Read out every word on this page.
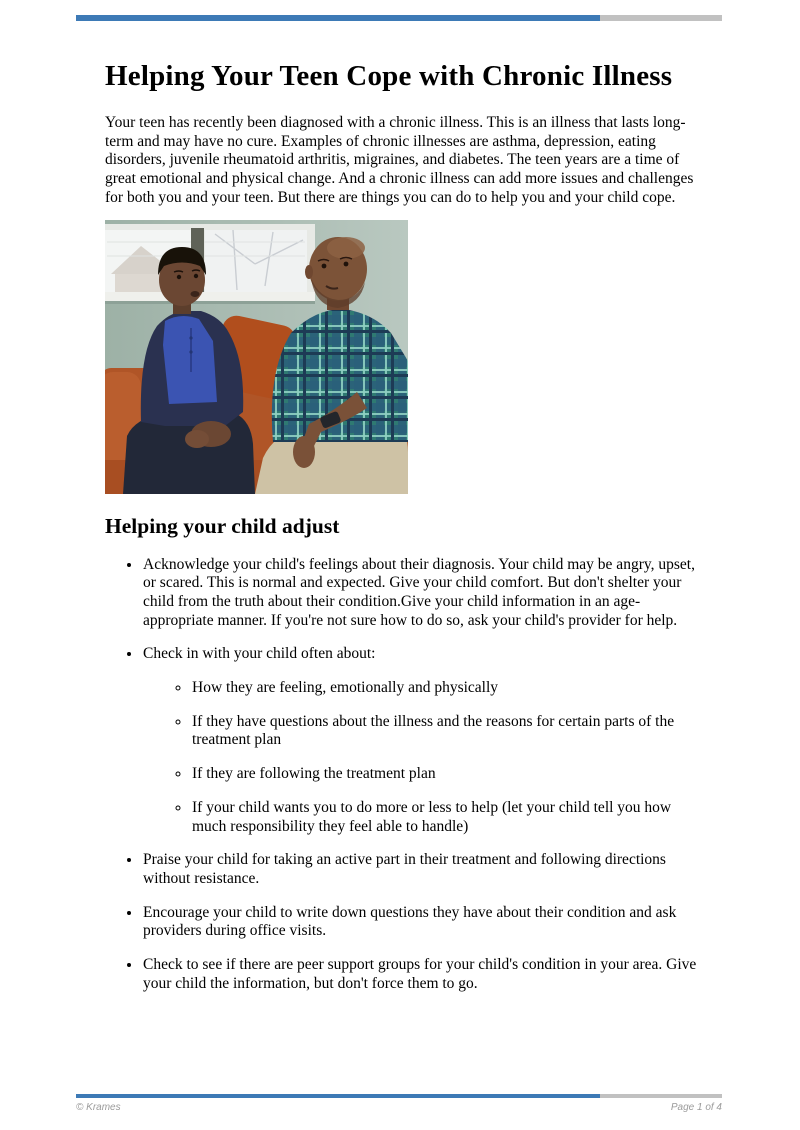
Helping Your Teen Cope with Chronic Illness

Your teen has recently been diagnosed with a chronic illness. This is an illness that lasts long-term and may have no cure. Examples of chronic illnesses are asthma, depression, eating disorders, juvenile rheumatoid arthritis, migraines, and diabetes. The teen years are a time of great emotional and physical change. And a chronic illness can add more issues and challenges for both you and your teen. But there are things you can do to help you and your child cope.

Helping your child adjust
• Acknowledge your child's feelings about their diagnosis. Your child may be angry, upset, or scared. This is normal and expected. Give your child comfort. But don't shelter your child from the truth about their condition.Give your child information in an age-appropriate manner. If you're not sure how to do so, ask your child's provider for help.
• Check in with your child often about:
◦ How they are feeling, emotionally and physically
◦ If they have questions about the illness and the reasons for certain parts of the treatment plan
◦ If they are following the treatment plan
◦ If your child wants you to do more or less to help (let your child tell you how much responsibility they feel able to handle)
• Praise your child for taking an active part in their treatment and following directions without resistance.
• Encourage your child to write down questions they have about their condition and ask providers during office visits.
• Check to see if there are peer support groups for your child's condition in your area. Give your child the information, but don't force them to go.
© Krames	Page 1 of 4
